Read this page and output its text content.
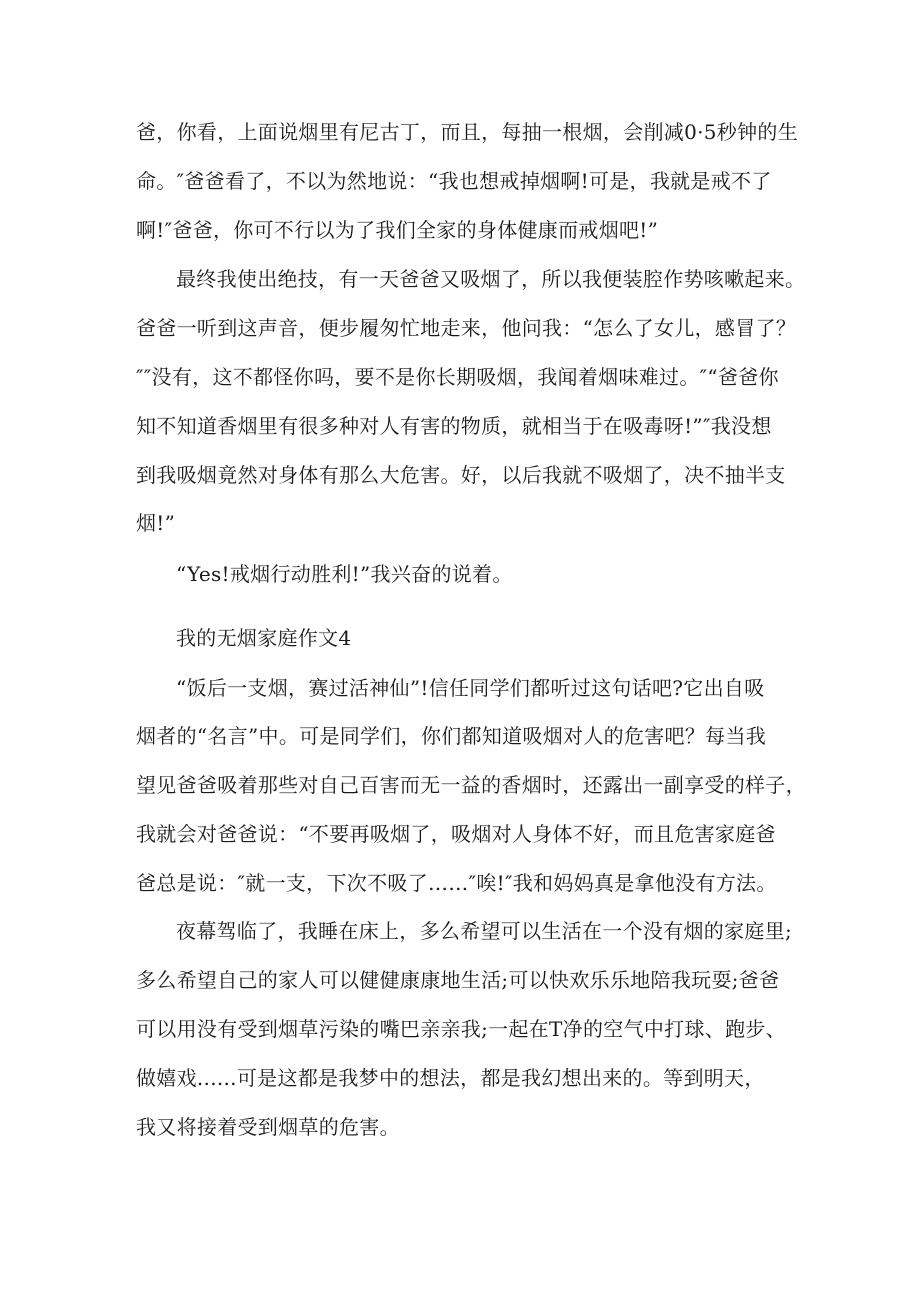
爸，你看，上面说烟里有尼古丁，而且，每抽一根烟，会削减0·5秒钟的生
命。″爸爸看了，不以为然地说：“我也想戒掉烟啊!可是，我就是戒不了
啊!″爸爸，你可不行以为了我们全家的身体健康而戒烟吧!”
最终我使出绝技，有一天爸爸又吸烟了，所以我便装腔作势咳嗽起来。
爸爸一听到这声音，便步履匆忙地走来，他问我：“怎么了女儿，感冒了？
″″没有，这不都怪你吗，要不是你长期吸烟，我闻着烟味难过。″“爸爸你
知不知道香烟里有很多种对人有害的物质，就相当于在吸毒呀!”″我没想
到我吸烟竟然对身体有那么大危害。好，以后我就不吸烟了，决不抽半支
烟!”
“Yes!戒烟行动胜利!”我兴奋的说着。
我的无烟家庭作文4
“饭后一支烟，赛过活神仙”!信任同学们都听过这句话吧?它出自吸
烟者的“名言”中。可是同学们，你们都知道吸烟对人的危害吧？每当我
望见爸爸吸着那些对自己百害而无一益的香烟时，还露出一副享受的样子，
我就会对爸爸说：“不要再吸烟了，吸烟对人身体不好，而且危害家庭爸
爸总是说：″就一支，下次不吸了……″唉!″我和妈妈真是拿他没有方法。
夜幕驾临了，我睡在床上，多么希望可以生活在一个没有烟的家庭里;
多么希望自己的家人可以健健康康地生活;可以快欢乐乐地陪我玩耍;爸爸
可以用没有受到烟草污染的嘴巴亲亲我;一起在T净的空气中打球、跑步、
做嬉戏......可是这都是我梦中的想法，都是我幻想出来的。等到明天，
我又将接着受到烟草的危害。
